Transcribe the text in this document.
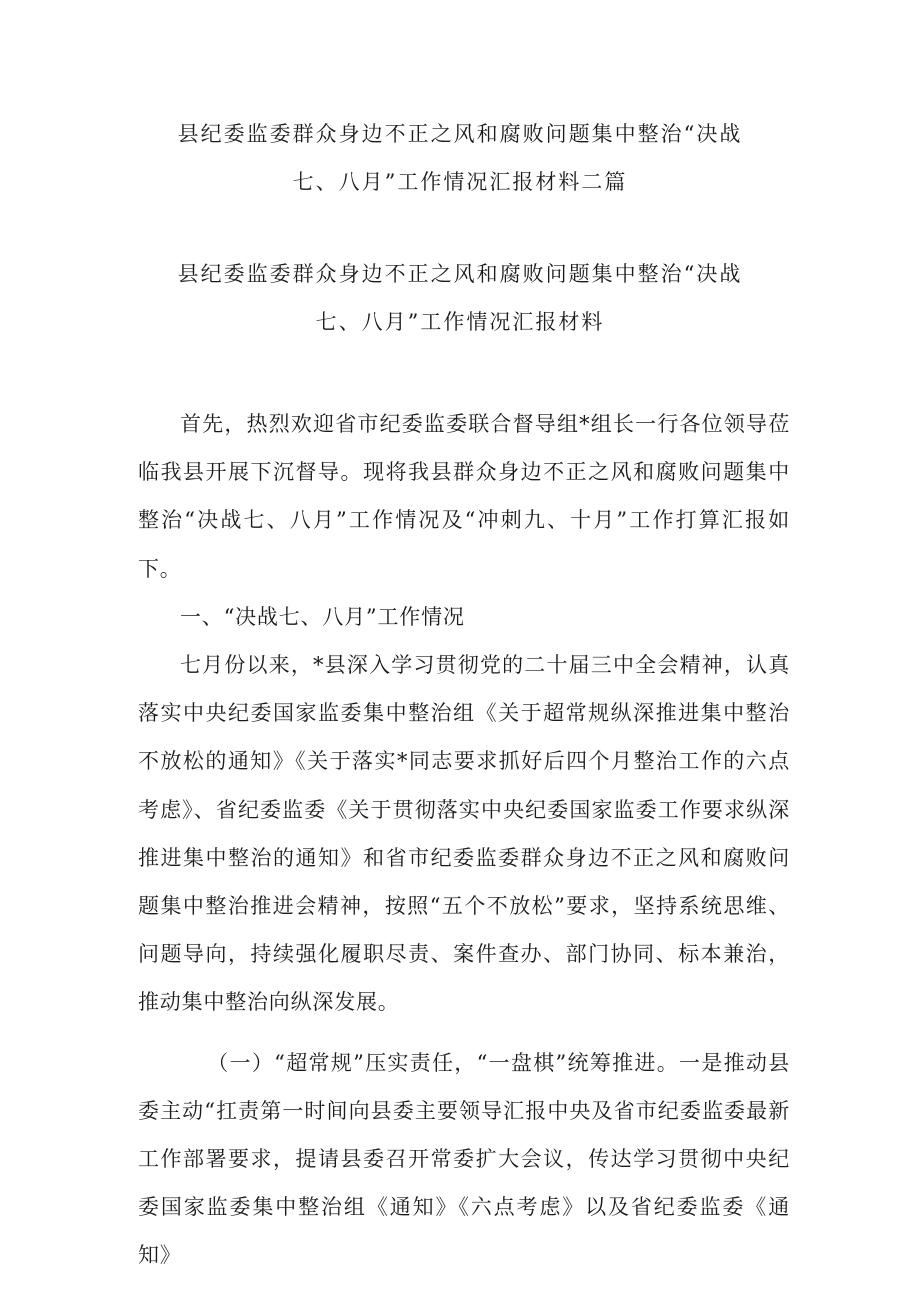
县纪委监委群众身边不正之风和腐败问题集中整治“决战
七、八月”工作情况汇报材料二篇
县纪委监委群众身边不正之风和腐败问题集中整治“决战
七、八月”工作情况汇报材料

首先，热烈欢迎省市纪委监委联合督导组*组长一行各位领导莅临我县开展下沉督导。现将我县群众身边不正之风和腐败问题集中整治“决战七、八月”工作情况及“冲刺九、十月”工作打算汇报如下。

一、“决战七、八月”工作情况

七月份以来，*县深入学习贯彻党的二十届三中全会精神，认真落实中央纪委国家监委集中整治组《关于超常规纵深推进集中整治不放松的通知》《关于落实*同志要求抓好后四个月整治工作的六点考虑》、省纪委监委《关于贯彻落实中央纪委国家监委工作要求纵深推进集中整治的通知》和省市纪委监委群众身边不正之风和腐败问题集中整治推进会精神，按照“五个不放松”要求，坚持系统思维、问题导向，持续强化履职尽责、案件查办、部门协同、标本兼治，推动集中整治向纵深发展。

（一）“超常规”压实责任，“一盘棋”统筹推进。一是推动县委主动“扛责第一时间向县委主要领导汇报中央及省市纪委监委最新工作部署要求，提请县委召开常委扩大会议，传达学习贯彻中央纪委国家监委集中整治组《通知》《六点考虑》以及省纪委监委《通知》
